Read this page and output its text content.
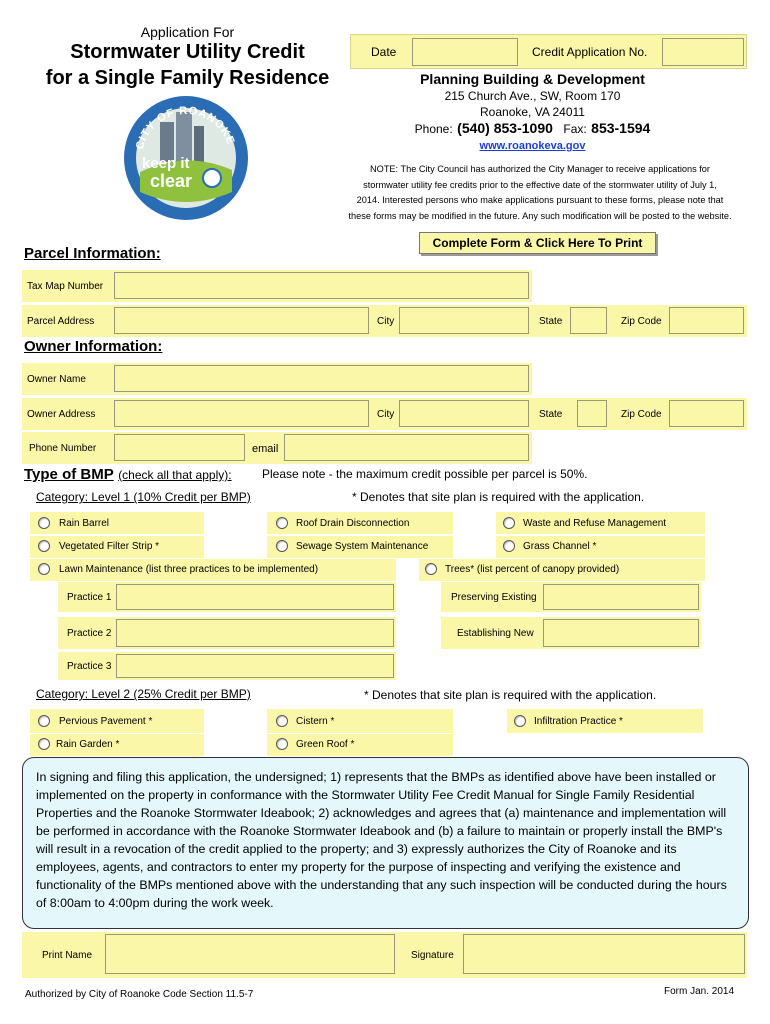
Application For
Stormwater Utility Credit
for a Single Family Residence
CITY OF ROANOKE
keep it
clear
Date	Credit Application No.
Planning Building & Development
215 Church Ave., SW, Room 170
Roanoke, VA 24011
Phone: (540) 853-1090 Fax: 853-1594
www.roanokeva.gov
NOTE: The City Council has authorized the City Manager to receive applications for
stormwater utility fee credits prior to the effective date of the stormwater utility of July 1,
2014. Interested persons who make applications pursuant to these forms, please note that
these forms may be modified in the future. Any such modification will be posted to the website.
Complete Form & Click Here To Print
Parcel Information:
Tax Map Number
Parcel Address	City	State	Zip Code
Owner Information:
Owner Name
Owner Address	City	State	Zip Code
Phone Number	email
Type of BMP (check all that apply):	Please note - the maximum credit possible per parcel is 50%.
Category: Level 1 (10% Credit per BMP)	* Denotes that site plan is required with the application.
Rain Barrel	Roof Drain Disconnection	Waste and Refuse Management
Vegetated Filter Strip *	Sewage System Maintenance	Grass Channel *
Lawn Maintenance (list three practices to be implemented)	Trees* (list percent of canopy provided)
Practice 1	Preserving Existing
Practice 2	Establishing New
Practice 3
Category: Level 2 (25% Credit per BMP)	* Denotes that site plan is required with the application.
Pervious Pavement *	Cistern *	Infiltration Practice *
Rain Garden *	Green Roof *
In signing and filing this application, the undersigned; 1) represents that the BMPs as identified above have been installed or implemented on the property in conformance with the Stormwater Utility Fee Credit Manual for Single Family Residential Properties and the Roanoke Stormwater Ideabook; 2) acknowledges and agrees that (a) maintenance and implementation will be performed in accordance with the Roanoke Stormwater Ideabook and (b) a failure to maintain or properly install the BMP's will result in a revocation of the credit applied to the property; and 3) expressly authorizes the City of Roanoke and its employees, agents, and contractors to enter my property for the purpose of inspecting and verifying the existence and functionality of the BMPs mentioned above with the understanding that any such inspection will be conducted during the hours of 8:00am to 4:00pm during the work week.
Print Name	Signature
Authorized by City of Roanoke Code Section 11.5-7	Form Jan. 2014
